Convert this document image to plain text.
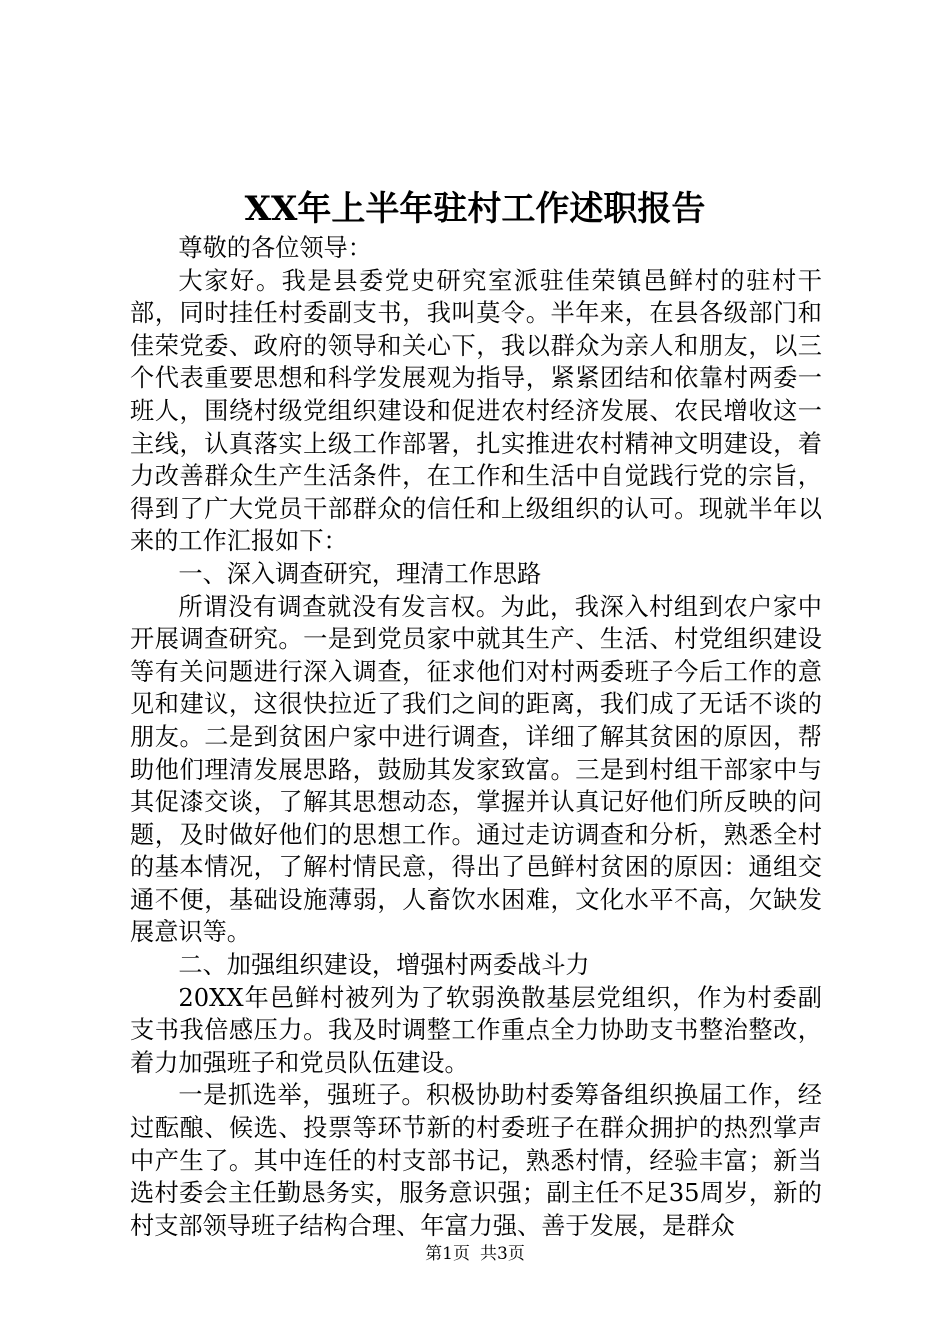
XX年上半年驻村工作述职报告

尊敬的各位领导：

大家好。我是县委党史研究室派驻佳荣镇邑鲜村的驻村干部，同时挂任村委副支书，我叫莫令。半年来，在县各级部门和佳荣党委、政府的领导和关心下，我以群众为亲人和朋友，以三个代表重要思想和科学发展观为指导，紧紧团结和依靠村两委一班人，围绕村级党组织建设和促进农村经济发展、农民增收这一主线，认真落实上级工作部署，扎实推进农村精神文明建设，着力改善群众生产生活条件，在工作和生活中自觉践行党的宗旨，得到了广大党员干部群众的信任和上级组织的认可。现就半年以来的工作汇报如下：

一、深入调查研究，理清工作思路

所谓没有调查就没有发言权。为此，我深入村组到农户家中开展调查研究。一是到党员家中就其生产、生活、村党组织建设等有关问题进行深入调查，征求他们对村两委班子今后工作的意见和建议，这很快拉近了我们之间的距离，我们成了无话不谈的朋友。二是到贫困户家中进行调查，详细了解其贫困的原因，帮助他们理清发展思路，鼓励其发家致富。三是到村组干部家中与其促漆交谈，了解其思想动态，掌握并认真记好他们所反映的问题，及时做好他们的思想工作。通过走访调查和分析，熟悉全村的基本情况，了解村情民意，得出了邑鲜村贫困的原因：通组交通不便，基础设施薄弱，人畜饮水困难，文化水平不高，欠缺发展意识等。

二、加强组织建设，增强村两委战斗力

20XX年邑鲜村被列为了软弱涣散基层党组织，作为村委副支书我倍感压力。我及时调整工作重点全力协助支书整治整改，着力加强班子和党员队伍建设。

一是抓选举，强班子。积极协助村委筹备组织换届工作，经过酝酿、候选、投票等环节新的村委班子在群众拥护的热烈掌声中产生了。其中连任的村支部书记，熟悉村情，经验丰富；新当选村委会主任勤恳务实，服务意识强；副主任不足35周岁，新的村支部领导班子结构合理、年富力强、善于发展，是群众

第1页 共3页
